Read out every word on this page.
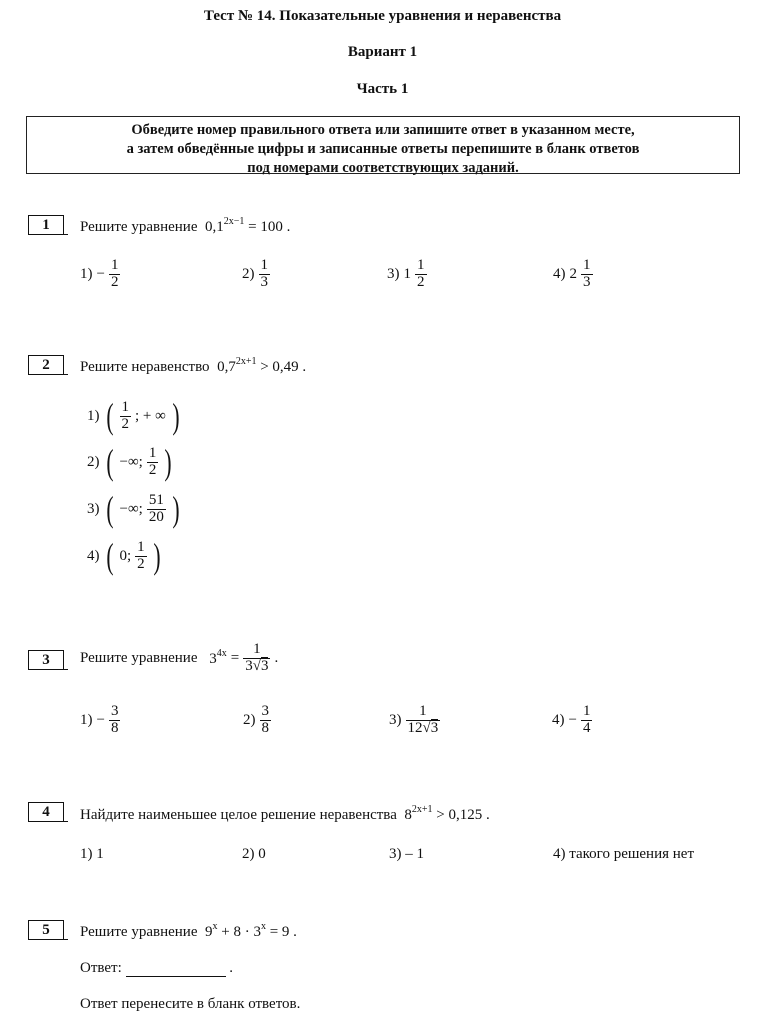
Тест № 14. Показательные уравнения и неравенства
Вариант 1
Часть 1
Обведите номер правильного ответа или запишите ответ в указанном месте,
а затем обведённые цифры и записанные ответы перепишите в бланк ответов
под номерами соответствующих заданий.
1	Решите уравнение $0,1^{2x-1} = 100$ .
$1) - \frac{1}{2}$	$2) \frac{1}{3}$	3) $1 \frac{1}{2}$	4) $2 \frac{1}{3}$
2	Решите неравенство $0,7^{2x+1} > 0,49$ .
1) ( $\frac{1}{2}$ ; + ∞ )
2) ( −∞; $\frac{1}{2}$ )
3) ( −∞; $\frac{51}{20}$ )
4) ( 0; $\frac{1}{2}$ )
3	Решите уравнение
$3^{4x} = \frac{1}{3√3}$ .
$1) - \frac{3}{8}$	$2) \frac{3}{8}$	$3) \frac{1}{12√3}$	$4) - \frac{1}{4}$
4	Найдите наименьшее целое решение неравенства $8^{2x+1} > 0,125$ .
1) 1	2) 0	3) – 1	4) такого решения нет
5	Решите уравнение $9^x + 8 \cdot 3^x = 9$ .
Ответ:	.
Ответ перенесите в бланк ответов.
